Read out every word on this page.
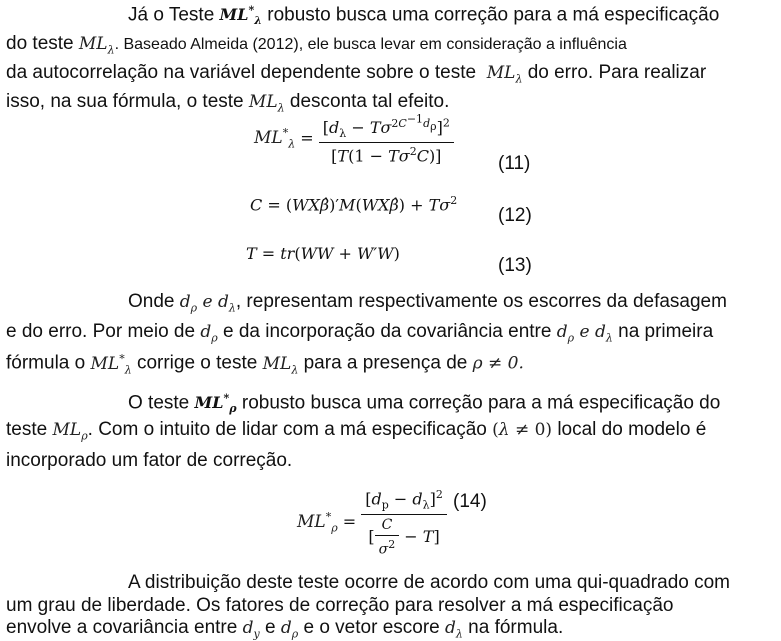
Já o Teste $ML^*_\lambda$ robusto busca uma correção para a má especificação
do teste $ML_\lambda$. Baseado Almeida (2012), ele busca levar em consideração a influência
da autocorrelação na variável dependente sobre o teste  $ML_\lambda$ do erro. Para realizar
isso, na sua fórmula, o teste $ML_\lambda$ desconta tal efeito.
$ML^*_\lambda = \frac{[d_\lambda - T\sigma^{2C^{-1}d_\rho}]^2}{[T(1 - T\sigma^2C)]} (11)$
C = (WXβ̂)′M(WXβ̂) + $T\sigma^2$
(12)
T = tr(WW + W′W)
(13)
Onde $d_\rho$ e $d_\lambda$, representam respectivamente os escorres da defasagem
e do erro. Por meio de $d_\rho$ e da incorporação da covariância entre $d_\rho$ e $d_\lambda$ na primeira
fórmula o $ML^*_\lambda$ corrige o teste $ML_\lambda$ para a presença de ρ ≠ 0.
O teste $ML^*_\rho$ robusto busca uma correção para a má especificação do
teste $ML_\rho$. Com o intuito de lidar com a má especificação (λ ≠ 0) local do modelo é
incorporado um fator de correção.
$ML^*_\rho = \frac{[d_p - d_\lambda]^2}{[ \frac{C}{\sigma^2} - T]} (14)$
A distribuição deste teste ocorre de acordo com uma qui-quadrado com
um grau de liberdade. Os fatores de correção para resolver a má especificação
envolve a covariância entre $d_y$ e $d_\rho$ e o vetor escore $d_\lambda$ na fórmula.
